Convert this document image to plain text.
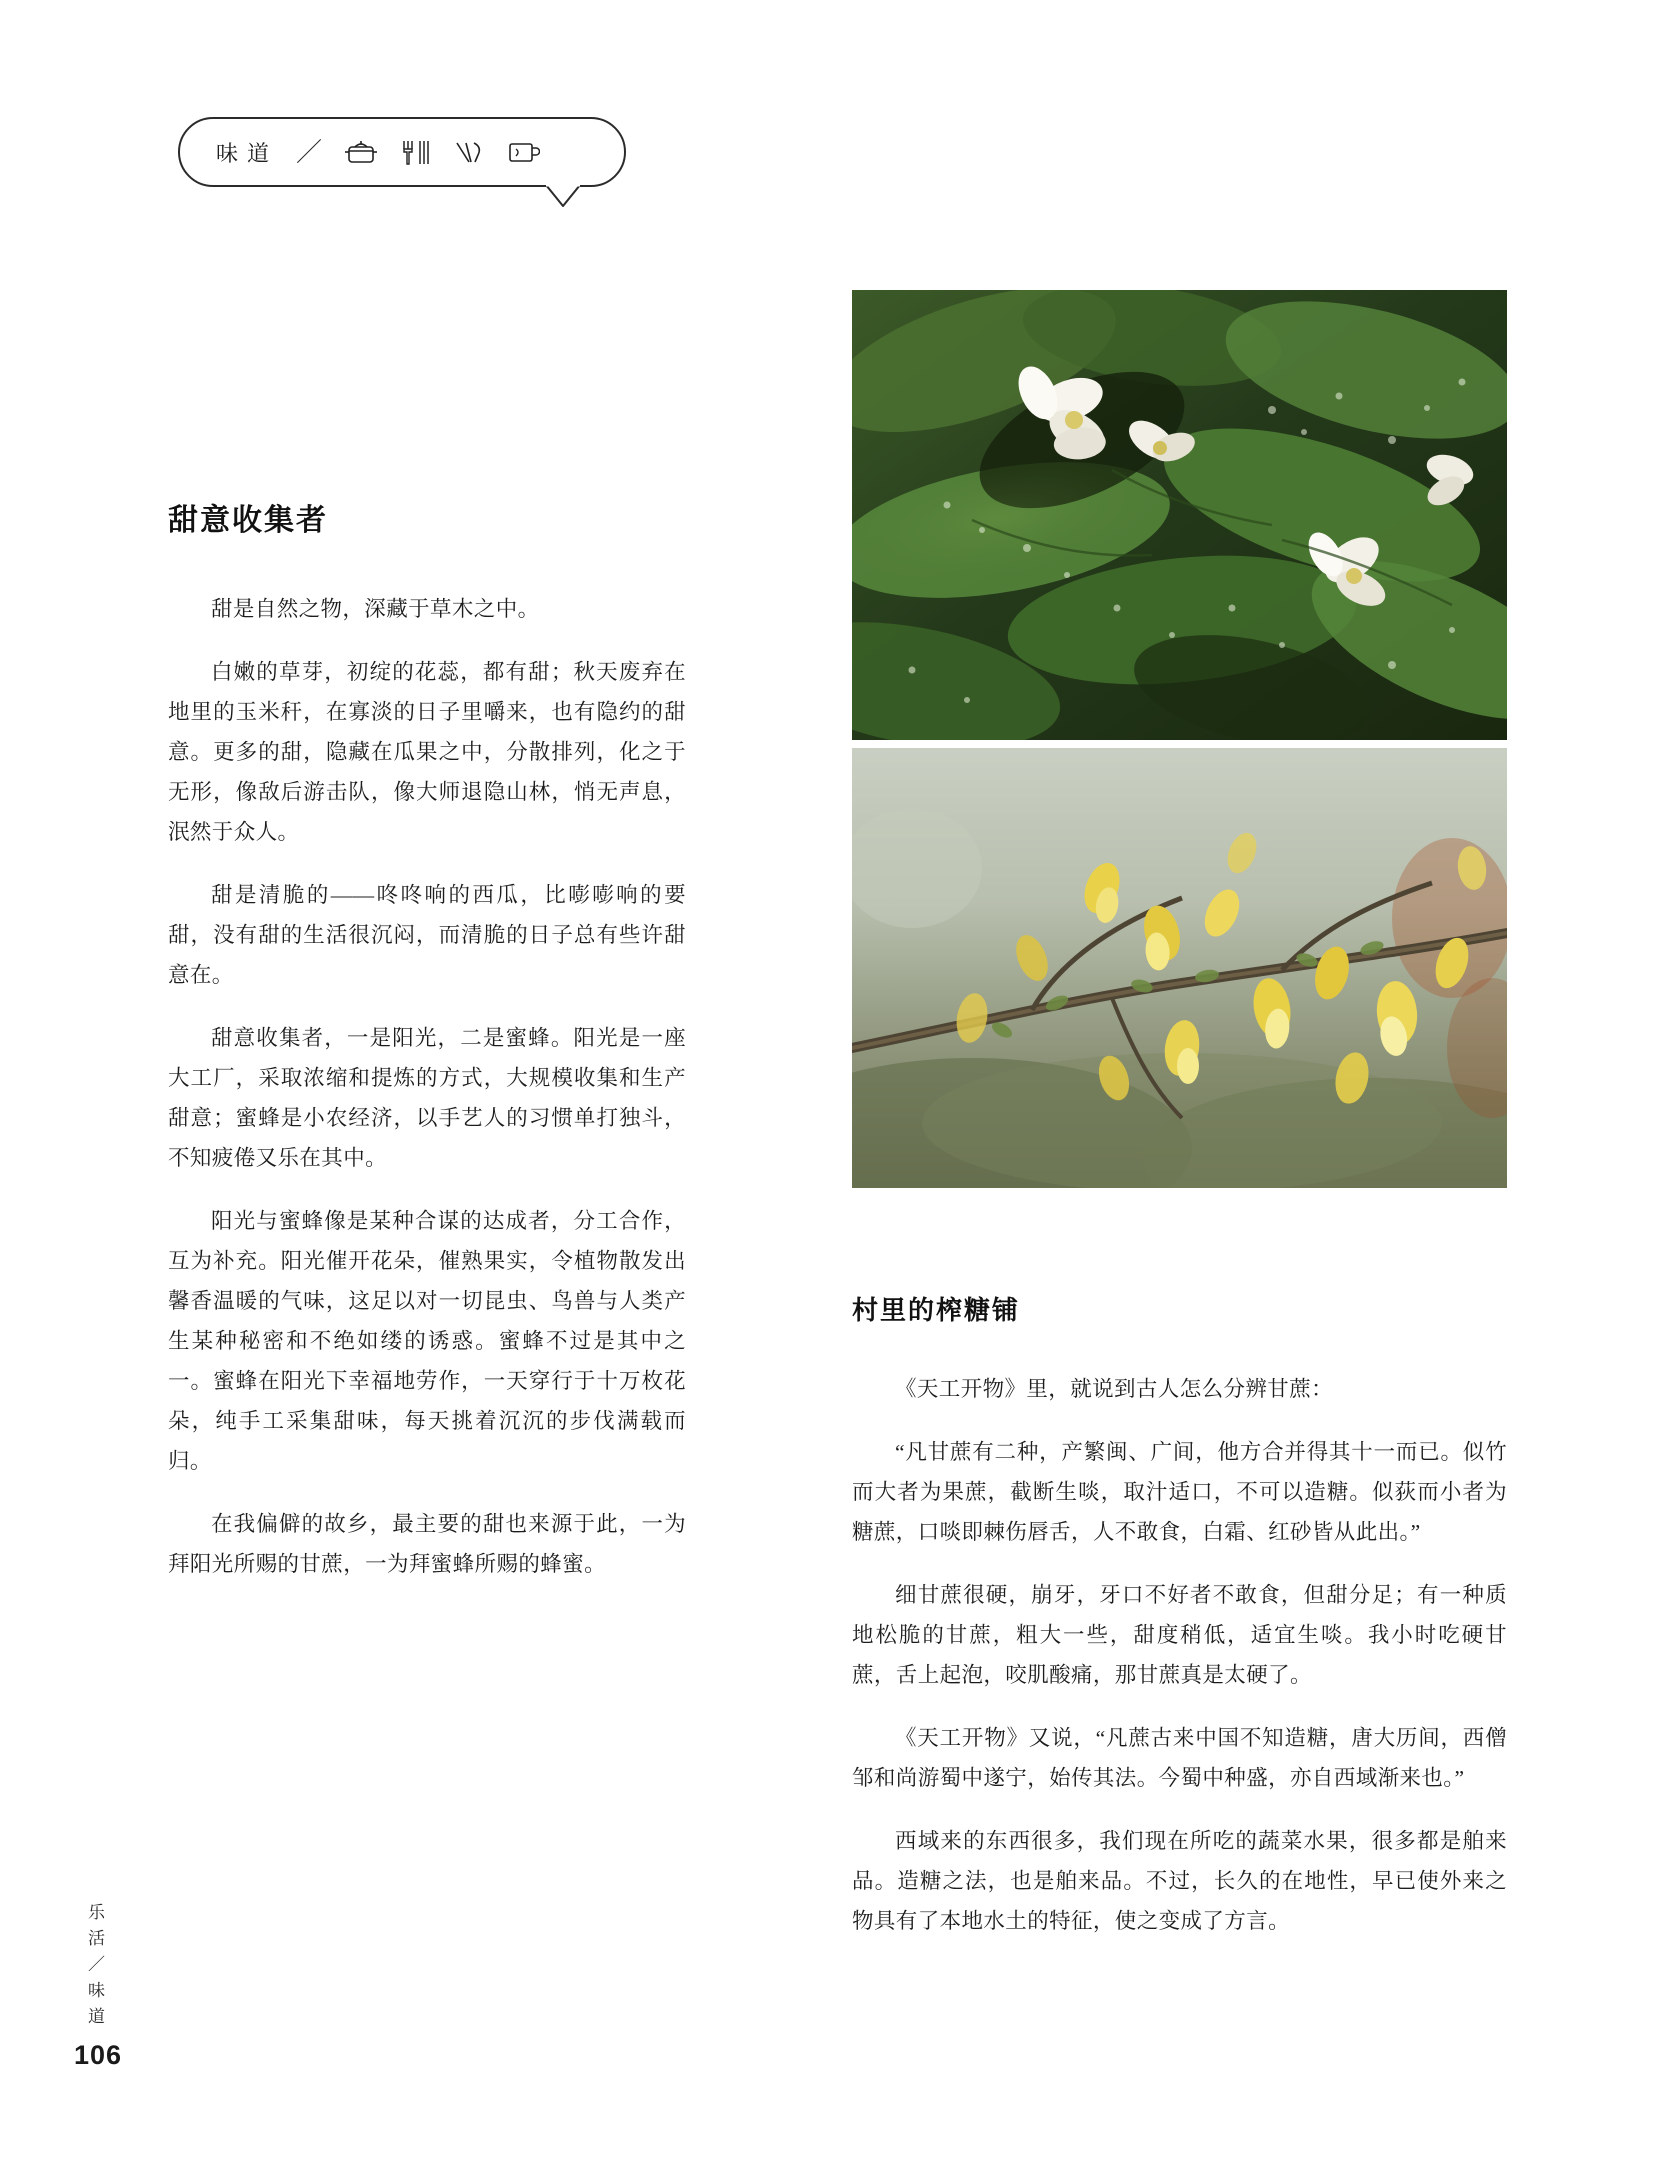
味道 ／
甜意收集者

甜是自然之物，深藏于草木之中。

白嫩的草芽，初绽的花蕊，都有甜；秋天废弃在地里的玉米秆，在寡淡的日子里嚼来，也有隐约的甜意。更多的甜，隐藏在瓜果之中，分散排列，化之于无形，像敌后游击队，像大师退隐山林，悄无声息，泯然于众人。

甜是清脆的——咚咚响的西瓜，比嘭嘭响的要甜，没有甜的生活很沉闷，而清脆的日子总有些许甜意在。

甜意收集者，一是阳光，二是蜜蜂。阳光是一座大工厂，采取浓缩和提炼的方式，大规模收集和生产甜意；蜜蜂是小农经济，以手艺人的习惯单打独斗，不知疲倦又乐在其中。

阳光与蜜蜂像是某种合谋的达成者，分工合作，互为补充。阳光催开花朵，催熟果实，令植物散发出馨香温暖的气味，这足以对一切昆虫、鸟兽与人类产生某种秘密和不绝如缕的诱惑。蜜蜂不过是其中之一。蜜蜂在阳光下幸福地劳作，一天穿行于十万枚花朵，纯手工采集甜味，每天挑着沉沉的步伐满载而归。

在我偏僻的故乡，最主要的甜也来源于此，一为拜阳光所赐的甘蔗，一为拜蜜蜂所赐的蜂蜜。

村里的榨糖铺

《天工开物》里，就说到古人怎么分辨甘蔗：

“凡甘蔗有二种，产繁闽、广间，他方合并得其十一而已。似竹而大者为果蔗，截断生啖，取汁适口，不可以造糖。似荻而小者为糖蔗，口啖即棘伤唇舌，人不敢食，白霜、红砂皆从此出。”

细甘蔗很硬，崩牙，牙口不好者不敢食，但甜分足；有一种质地松脆的甘蔗，粗大一些，甜度稍低，适宜生啖。我小时吃硬甘蔗，舌上起泡，咬肌酸痛，那甘蔗真是太硬了。

《天工开物》又说，“凡蔗古来中国不知造糖，唐大历间，西僧邹和尚游蜀中遂宁，始传其法。今蜀中种盛，亦自西域渐来也。”

西域来的东西很多，我们现在所吃的蔬菜水果，很多都是舶来品。造糖之法，也是舶来品。不过，长久的在地性，早已使外来之物具有了本地水土的特征，使之变成了方言。

乐活
／
味道
106
